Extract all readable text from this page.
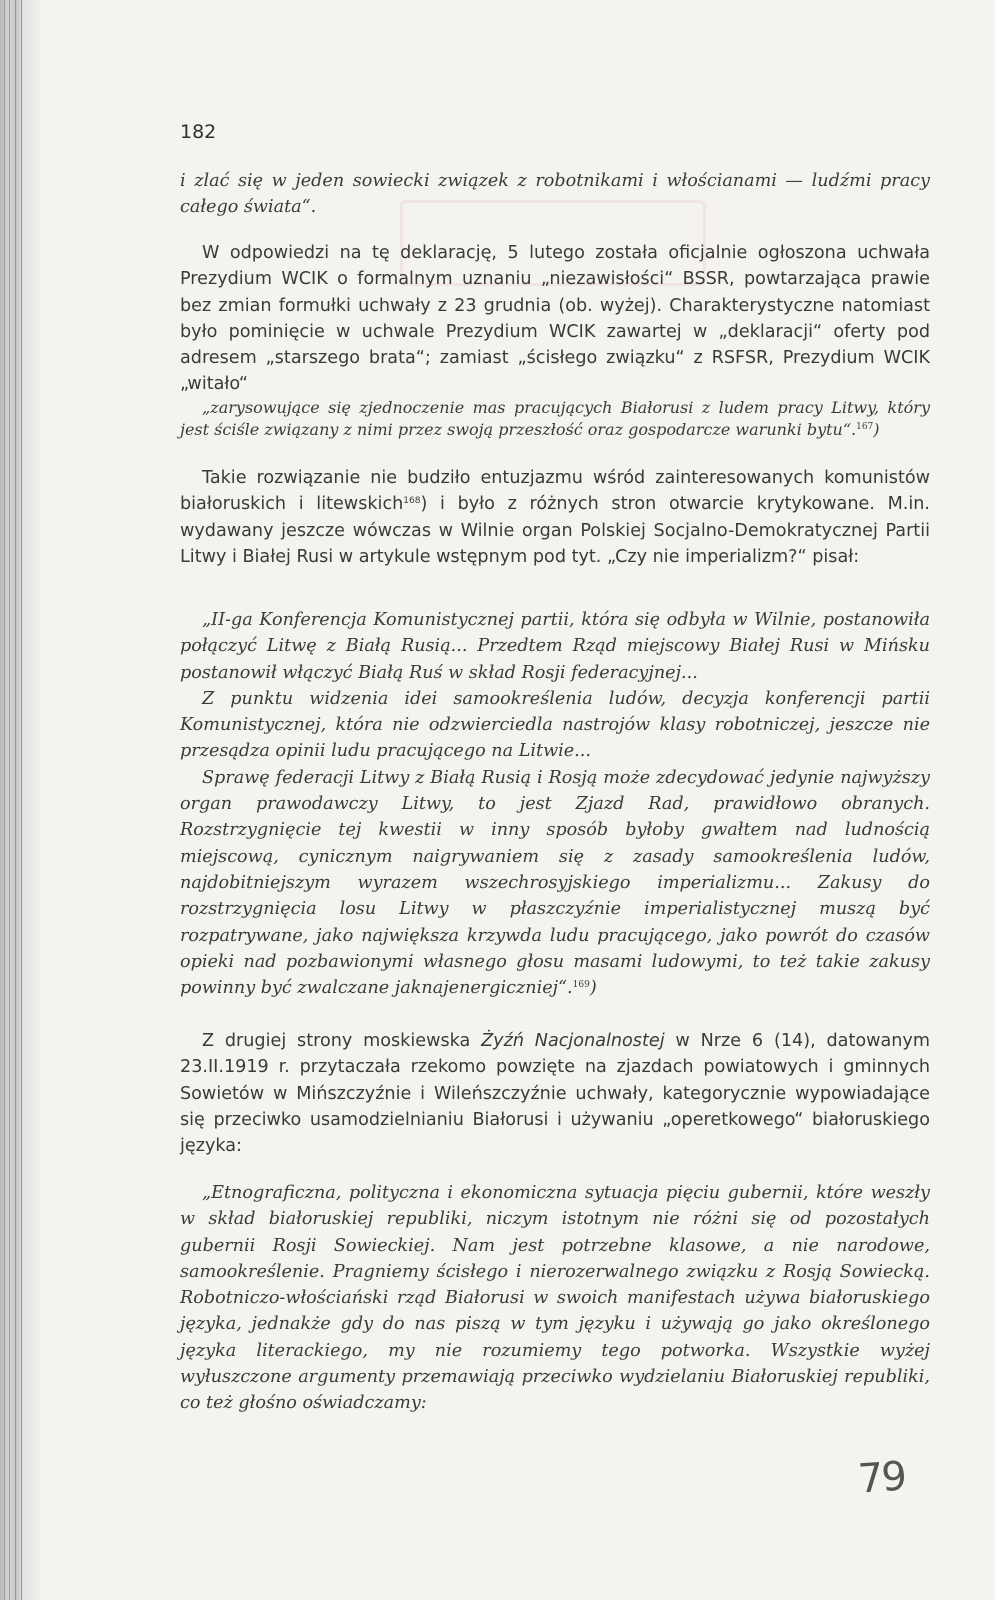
182

i zlać się w jeden sowiecki związek z robotnikami i włościanami — ludźmi pracy całego świata“.

W odpowiedzi na tę deklarację, 5 lutego została oficjalnie ogłoszona uchwała Prezydium WCIK o formalnym uznaniu „niezawisłości“ BSSR, powtarzająca prawie bez zmian formułki uchwały z 23 grudnia (ob. wyżej). Charakterystyczne natomiast było pominięcie w uchwale Prezydium WCIK zawartej w „deklaracji“ oferty pod adresem „starszego brata“; zamiast „ścisłego związku“ z RSFSR, Prezydium WCIK „witało“

„zarysowujące się zjednoczenie mas pracujących Białorusi z ludem pracy Litwy, który jest ściśle związany z nimi przez swoją przeszłość oraz gospodarcze warunki bytu“.$^{167}$)

Takie rozwiązanie nie budziło entuzjazmu wśród zainteresowanych komunistów białoruskich i litewskich$^{168}$) i było z różnych stron otwarcie krytykowane. M.in. wydawany jeszcze wówczas w Wilnie organ Polskiej Socjalno-Demokratycznej Partii Litwy i Białej Rusi w artykule wstępnym pod tyt. „Czy nie imperializm?“ pisał:

„II-ga Konferencja Komunistycznej partii, która się odbyła w Wilnie, postanowiła połączyć Litwę z Białą Rusią... Przedtem Rząd miejscowy Białej Rusi w Mińsku postanowił włączyć Białą Ruś w skład Rosji federacyjnej...

Z punktu widzenia idei samookreślenia ludów, decyzja konferencji partii Komunistycznej, która nie odzwierciedla nastrojów klasy robotniczej, jeszcze nie przesądza opinii ludu pracującego na Litwie...

Sprawę federacji Litwy z Białą Rusią i Rosją może zdecydować jedynie najwyższy organ prawodawczy Litwy, to jest Zjazd Rad, prawidłowo obranych. Rozstrzygnięcie tej kwestii w inny sposób byłoby gwałtem nad ludnością miejscową, cynicznym naigrywaniem się z zasady samookreślenia ludów, najdobitniejszym wyrazem wszechrosyjskiego imperializmu... Zakusy do rozstrzygnięcia losu Litwy w płaszczyźnie imperialistycznej muszą być rozpatrywane, jako największa krzywda ludu pracującego, jako powrót do czasów opieki nad pozbawionymi własnego głosu masami ludowymi, to też takie zakusy powinny być zwalczane jaknajenergiczniej“.$^{169}$)

Z drugiej strony moskiewska Żyźń Nacjonalnostej w Nrze 6 (14), datowanym 23.II.1919 r. przytaczała rzekomo powzięte na zjazdach powiatowych i gminnych Sowietów w Mińszczyźnie i Wileńszczyźnie uchwały, kategorycznie wypowiadające się przeciwko usamodzielnianiu Białorusi i używaniu „operetkowego“ białoruskiego języka:

„Etnograficzna, polityczna i ekonomiczna sytuacja pięciu gubernii, które weszły w skład białoruskiej republiki, niczym istotnym nie różni się od pozostałych gubernii Rosji Sowieckiej. Nam jest potrzebne klasowe, a nie narodowe, samookreślenie. Pragniemy ścisłego i nierozerwalnego związku z Rosją Sowiecką. Robotniczo-włościański rząd Białorusi w swoich manifestach używa białoruskiego języka, jednakże gdy do nas piszą w tym języku i używają go jako określonego języka literackiego, my nie rozumiemy tego potworka. Wszystkie wyżej wyłuszczone argumenty przemawiają przeciwko wydzielaniu Białoruskiej republiki, co też głośno oświadczamy:

79
